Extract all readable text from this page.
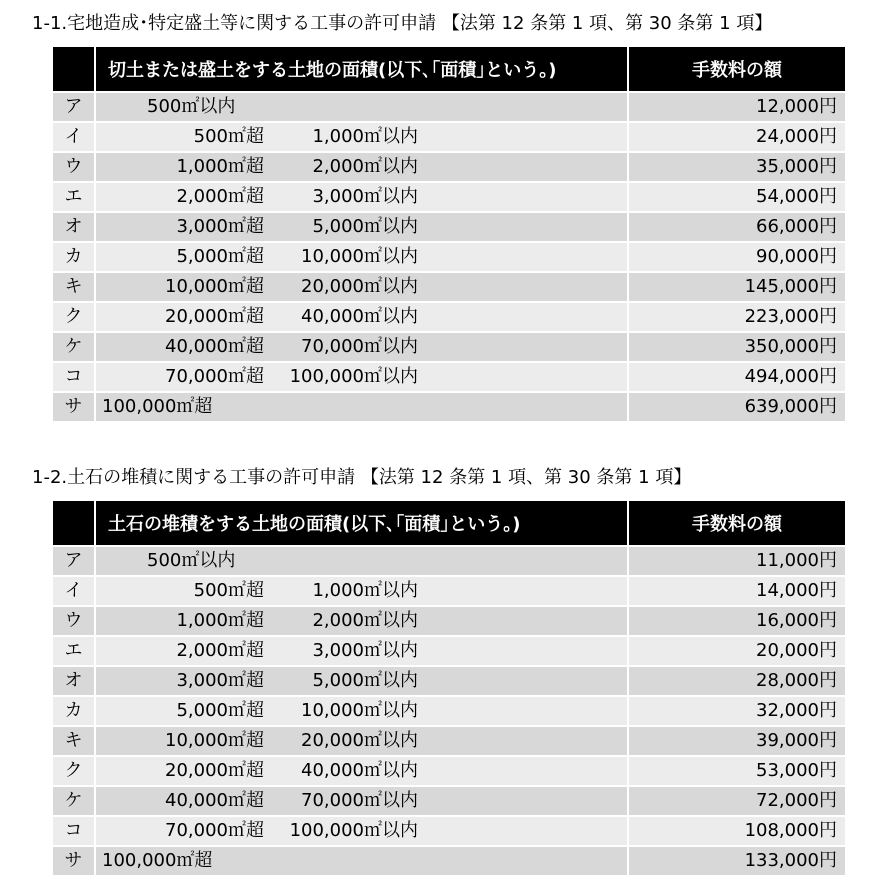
1-1.宅地造成･特定盛土等に関する工事の許可申請 【法第 12 条第 1 項、第 30 条第 1 項】
	切土または盛土をする土地の面積(以下､｢面積｣という｡)	手数料の額
ア	500㎡以内	12,000円
イ	500㎡超 1,000㎡以内	24,000円
ウ	1,000㎡超 2,000㎡以内	35,000円
エ	2,000㎡超 3,000㎡以内	54,000円
オ	3,000㎡超 5,000㎡以内	66,000円
カ	5,000㎡超 10,000㎡以内	90,000円
キ	10,000㎡超 20,000㎡以内	145,000円
ク	20,000㎡超 40,000㎡以内	223,000円
ケ	40,000㎡超 70,000㎡以内	350,000円
コ	70,000㎡超 100,000㎡以内	494,000円
サ	100,000㎡超	639,000円
1-2.土石の堆積に関する工事の許可申請 【法第 12 条第 1 項、第 30 条第 1 項】
	土石の堆積をする土地の面積(以下､｢面積｣という｡)	手数料の額
ア	500㎡以内	11,000円
イ	500㎡超 1,000㎡以内	14,000円
ウ	1,000㎡超 2,000㎡以内	16,000円
エ	2,000㎡超 3,000㎡以内	20,000円
オ	3,000㎡超 5,000㎡以内	28,000円
カ	5,000㎡超 10,000㎡以内	32,000円
キ	10,000㎡超 20,000㎡以内	39,000円
ク	20,000㎡超 40,000㎡以内	53,000円
ケ	40,000㎡超 70,000㎡以内	72,000円
コ	70,000㎡超 100,000㎡以内	108,000円
サ	100,000㎡超	133,000円
